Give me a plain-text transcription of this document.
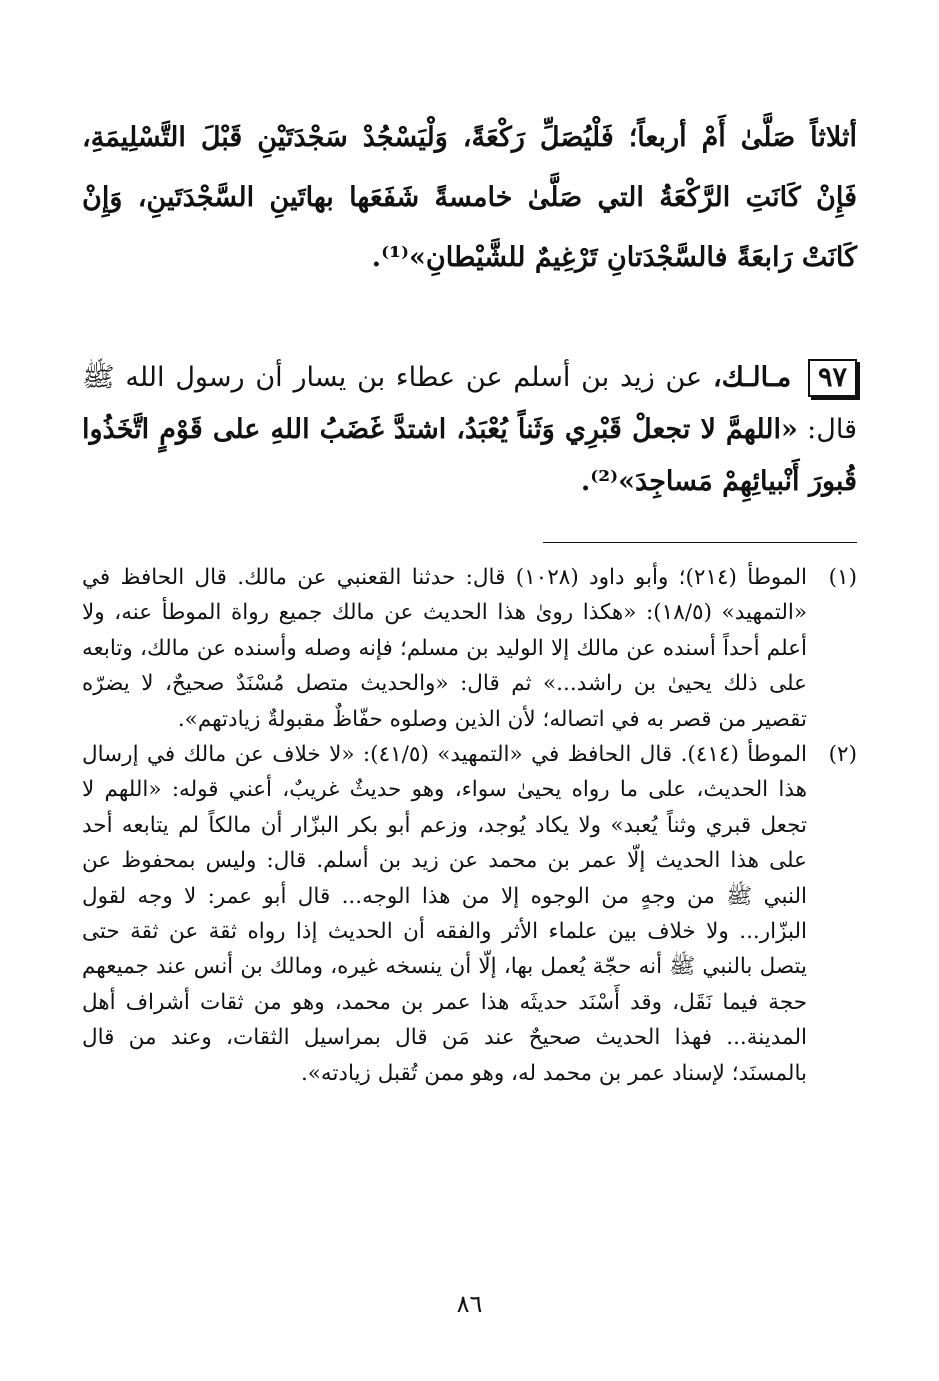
أثلاثاً صَلَّىٰ أَمْ أربعاً؛ فَلْيُصَلِّ رَكْعَةً، وَلْيَسْجُدْ سَجْدَتَيْنِ قَبْلَ التَّسْلِيمَةِ، فَإِنْ كَانَتِ الرَّكْعَةُ التي صَلَّىٰ خامسةً شَفَعَها بهاتَينِ السَّجْدَتَينِ، وَإِنْ كَانَتْ رَابعَةً فالسَّجْدَتانِ تَرْغِيمٌ للشَّيْطانِ»⁽¹⁾.

٩٧ مـالـك، عن زيد بن أسلم عن عطاء بن يسار أن رسول الله ﷺ قال: «اللهمَّ لا تجعلْ قَبْرِي وَثَناً يُعْبَدُ، اشتدَّ غَضَبُ اللهِ على قَوْمٍ اتَّخَذُوا قُبورَ أَنْبيائِهِمْ مَساجِدَ»⁽²⁾.

(١)
الموطأ (٢١٤)؛ وأبو داود (١٠٢٨) قال: حدثنا القعنبي عن مالك. قال الحافظ في «التمهيد» (١٨/٥): «هكذا روىٰ هذا الحديث عن مالك جميع رواة الموطأ عنه، ولا أعلم أحداً أسنده عن مالك إلا الوليد بن مسلم؛ فإنه وصله وأسنده عن مالك، وتابعه على ذلك يحيىٰ بن راشد...» ثم قال: «والحديث متصل مُسْنَدٌ صحيحٌ، لا يضرّه تقصير من قصر به في اتصاله؛ لأن الذين وصلوه حفّاظٌ مقبولةٌ زيادتهم».
(٢)
الموطأ (٤١٤). قال الحافظ في «التمهيد» (٤١/٥): «لا خلاف عن مالك في إرسال هذا الحديث، على ما رواه يحيىٰ سواء، وهو حديثٌ غريبٌ، أعني قوله: «اللهم لا تجعل قبري وثناً يُعبد» ولا يكاد يُوجد، وزعم أبو بكر البزّار أن مالكاً لم يتابعه أحد على هذا الحديث إلّا عمر بن محمد عن زيد بن أسلم. قال: وليس بمحفوظ عن النبي ﷺ من وجهٍ من الوجوه إلا من هذا الوجه... قال أبو عمر: لا وجه لقول البزّار... ولا خلاف بين علماء الأثر والفقه أن الحديث إذا رواه ثقة عن ثقة حتى يتصل بالنبي ﷺ أنه حجّة يُعمل بها، إلّا أن ينسخه غيره، ومالك بن أنس عند جميعهم حجة فيما نَقَل، وقد أَسْنَد حديثَه هذا عمر بن محمد، وهو من ثقات أشراف أهل المدينة... فهذا الحديث صحيحٌ عند مَن قال بمراسيل الثقات، وعند من قال بالمسنَد؛ لإسناد عمر بن محمد له، وهو ممن تُقبل زيادته».
٨٦
